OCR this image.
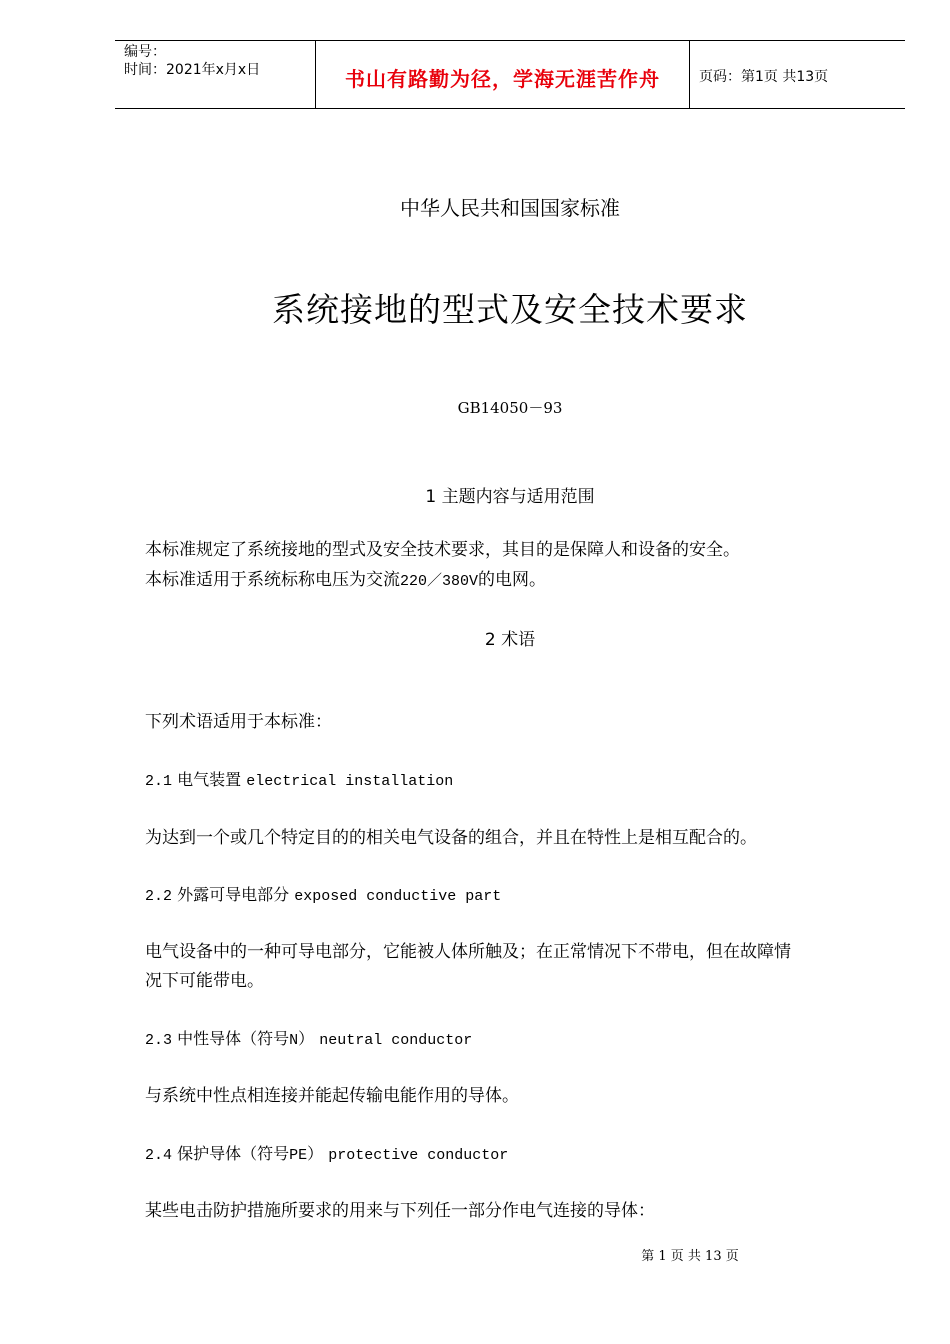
编号：
时间：2021年x月x日	书山有路勤为径，学海无涯苦作舟	页码：第1页 共13页
中华人民共和国国家标准
系统接地的型式及安全技术要求
GB14050－93
1 主题内容与适用范围
本标准规定了系统接地的型式及安全技术要求，其目的是保障人和设备的安全。
本标准适用于系统标称电压为交流220／380V的电网。
2 术语
下列术语适用于本标准：
2.1 电气装置 electrical installation
为达到一个或几个特定目的的相关电气设备的组合，并且在特性上是相互配合的。
2.2 外露可导电部分 exposed conductive part
电气设备中的一种可导电部分，它能被人体所触及；在正常情况下不带电，但在故障情
况下可能带电。
2.3 中性导体（符号N） neutral conductor
与系统中性点相连接并能起传输电能作用的导体。
2.4 保护导体（符号PE） protective conductor
某些电击防护措施所要求的用来与下列任一部分作电气连接的导体：
第 1 页 共 13 页
